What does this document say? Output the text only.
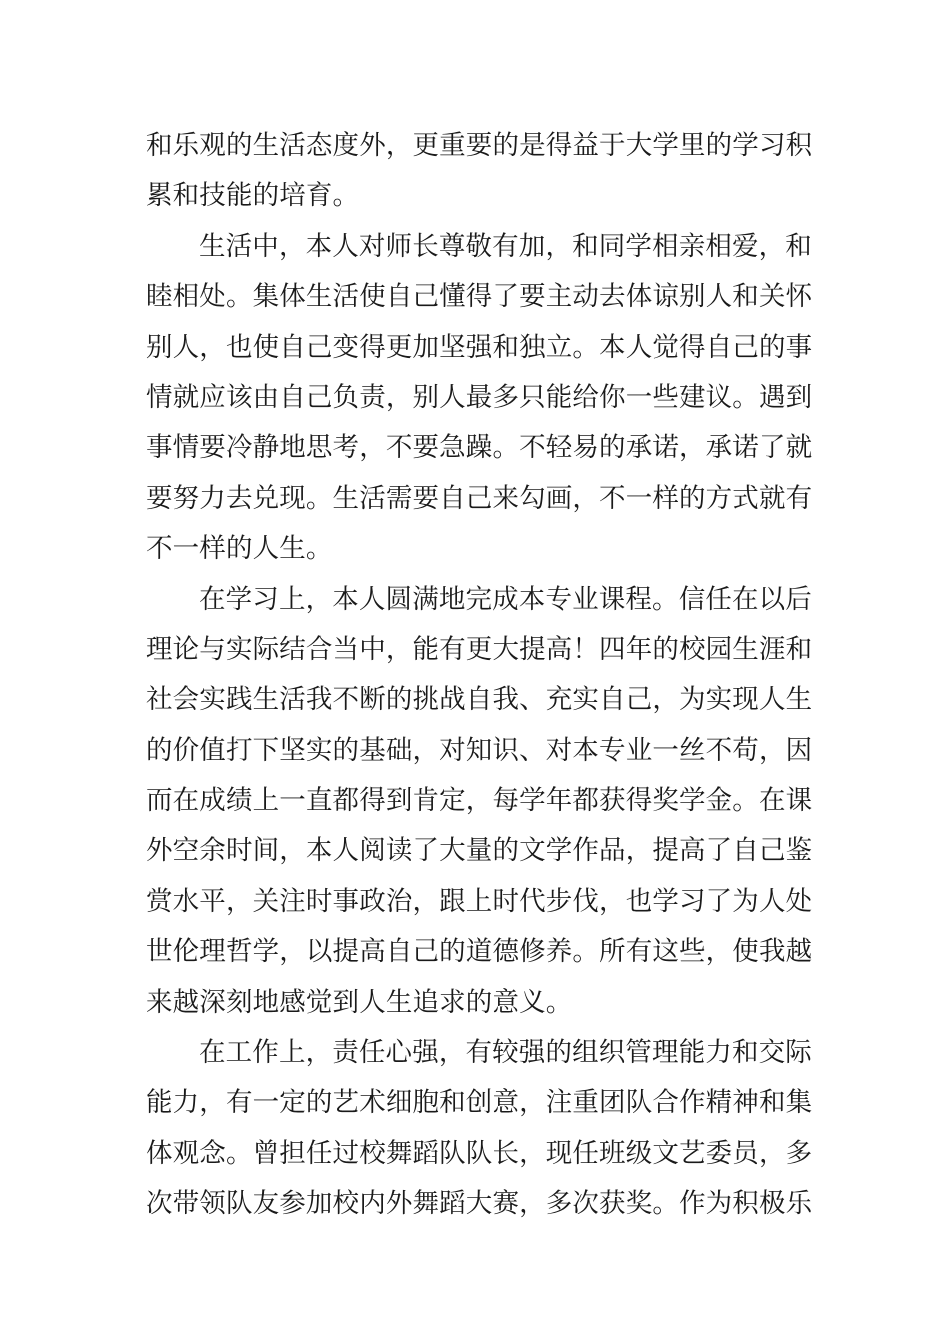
和乐观的生活态度外，更重要的是得益于大学里的学习积
累和技能的培育。
生活中，本人对师长尊敬有加，和同学相亲相爱，和
睦相处。集体生活使自己懂得了要主动去体谅别人和关怀
别人，也使自己变得更加坚强和独立。本人觉得自己的事
情就应该由自己负责，别人最多只能给你一些建议。遇到
事情要冷静地思考，不要急躁。不轻易的承诺，承诺了就
要努力去兑现。生活需要自己来勾画，不一样的方式就有
不一样的人生。
在学习上，本人圆满地完成本专业课程。信任在以后
理论与实际结合当中，能有更大提高！四年的校园生涯和
社会实践生活我不断的挑战自我、充实自己，为实现人生
的价值打下坚实的基础，对知识、对本专业一丝不苟，因
而在成绩上一直都得到肯定，每学年都获得奖学金。在课
外空余时间，本人阅读了大量的文学作品，提高了自己鉴
赏水平，关注时事政治，跟上时代步伐，也学习了为人处
世伦理哲学，以提高自己的道德修养。所有这些，使我越
来越深刻地感觉到人生追求的意义。
在工作上，责任心强，有较强的组织管理能力和交际
能力，有一定的艺术细胞和创意，注重团队合作精神和集
体观念。曾担任过校舞蹈队队长，现任班级文艺委员，多
次带领队友参加校内外舞蹈大赛，多次获奖。作为积极乐
